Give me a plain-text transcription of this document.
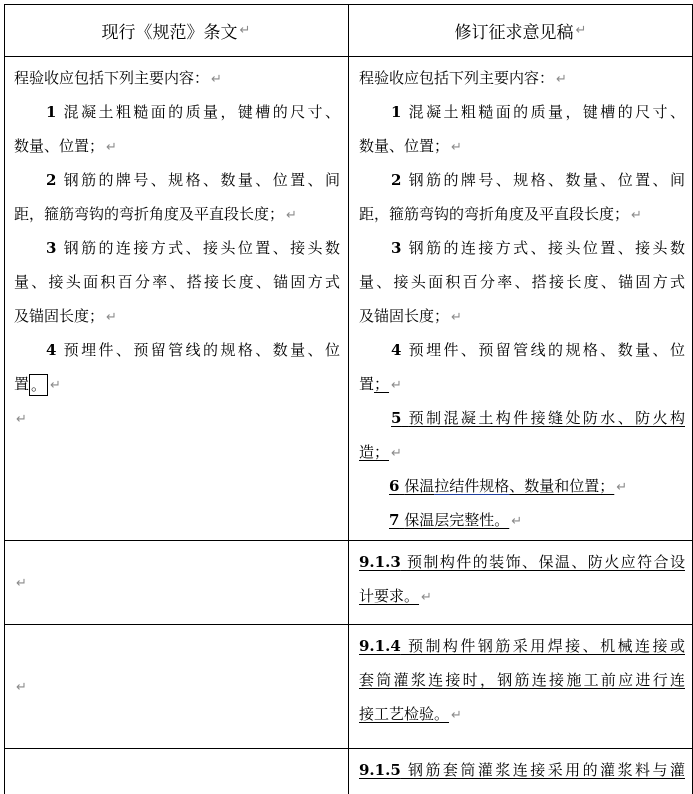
现行《规范》条文 ↵	修订征求意见稿 ↵
程验收应包括下列主要内容： ↵
1 混凝土粗糙面的质量，键槽的尺寸、
数量、位置； ↵
2 钢筋的牌号、规格、数量、位置、间
距，箍筋弯钩的弯折角度及平直段长度； ↵
3 钢筋的连接方式、接头位置、接头数
量、接头面积百分率、搭接长度、锚固方式
及锚固长度； ↵
4 预埋件、预留管线的规格、数量、位
置 。 ↵
↵
程验收应包括下列主要内容： ↵
1 混凝土粗糙面的质量，键槽的尺寸、
数量、位置； ↵
2 钢筋的牌号、规格、数量、位置、间
距，箍筋弯钩的弯折角度及平直段长度； ↵
3 钢筋的连接方式、接头位置、接头数
量、接头面积百分率、搭接长度、锚固方式
及锚固长度； ↵
4 预埋件、预留管线的规格、数量、位
置； ↵
5 预制混凝土构件接缝处防水、防火构
造； ↵
6 保温拉结件规格、数量和位置； ↵
7 保温层完整性。 ↵
↵
9.1.3 预制构件的装饰、保温、防火应符合设
计要求。 ↵
↵
9.1.4 预制构件钢筋采用焊接、机械连接或
套筒灌浆连接时，钢筋连接施工前应进行连
接工艺检验。 ↵
9.1.5 钢筋套筒灌浆连接采用的灌浆料与灌
